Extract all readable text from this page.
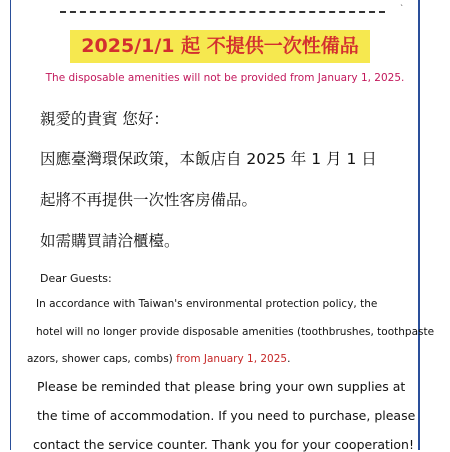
ˋ
2025/1/1 起 不提供一次性備品
The disposable amenities will not be provided from January 1, 2025.
親愛的貴賓 您好：
因應臺灣環保政策，本飯店自 2025 年 1 月 1 日
起將不再提供一次性客房備品。
如需購買請洽櫃檯。
Dear Guests:
In accordance with Taiwan's environmental protection policy, the
hotel will no longer provide disposable amenities (toothbrushes, toothpaste
azors, shower caps, combs) from January 1, 2025.
Please be reminded that please bring your own supplies at
the time of accommodation. If you need to purchase, please
contact the service counter. Thank you for your cooperation!
